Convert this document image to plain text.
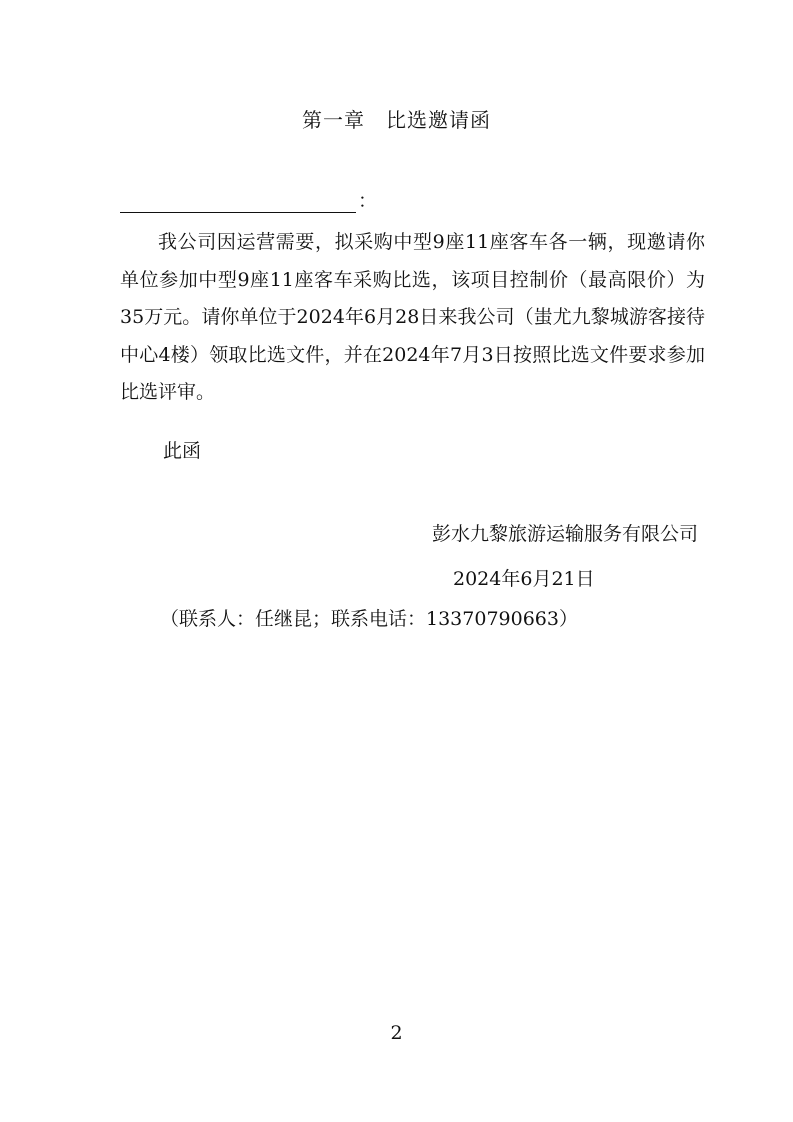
第一章　比选邀请函
：

我公司因运营需要，拟采购中型9座11座客车各一辆，现邀请你单位参加中型9座11座客车采购比选，该项目控制价（最高限价）为35万元。请你单位于2024年6月28日来我公司（蚩尤九黎城游客接待中心4楼）领取比选文件，并在2024年7月3日按照比选文件要求参加比选评审。

此函
彭水九黎旅游运输服务有限公司
2024年6月21日
（联系人：任继昆；联系电话：13370790663）
2
